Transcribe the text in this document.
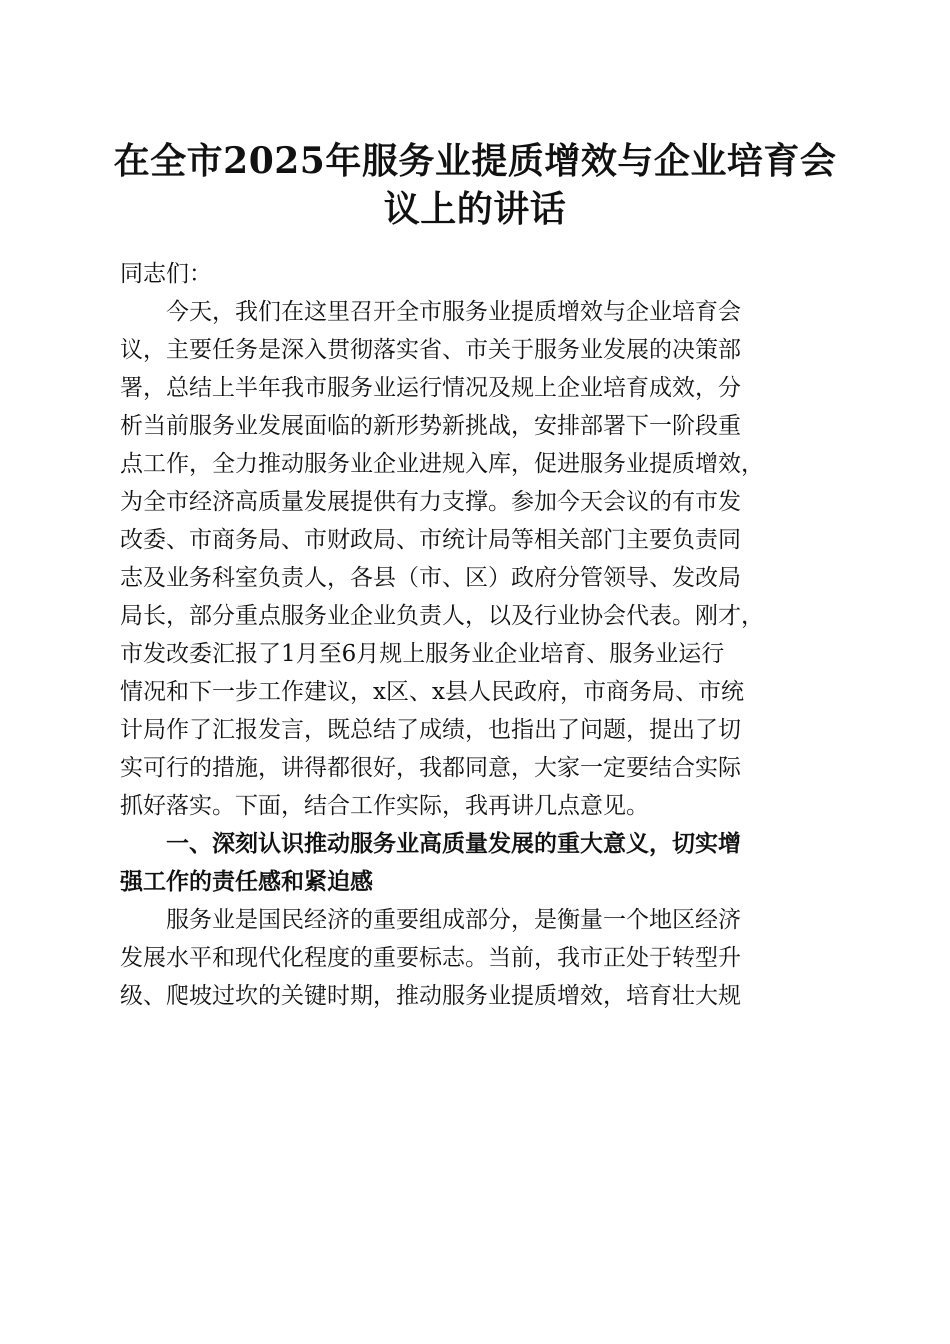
在全市2025年服务业提质增效与企业培育会
议上的讲话
同志们：
　　今天，我们在这里召开全市服务业提质增效与企业培育会
议，主要任务是深入贯彻落实省、市关于服务业发展的决策部
署，总结上半年我市服务业运行情况及规上企业培育成效，分
析当前服务业发展面临的新形势新挑战，安排部署下一阶段重
点工作，全力推动服务业企业进规入库，促进服务业提质增效，
为全市经济高质量发展提供有力支撑。参加今天会议的有市发
改委、市商务局、市财政局、市统计局等相关部门主要负责同
志及业务科室负责人，各县（市、区）政府分管领导、发改局
局长，部分重点服务业企业负责人，以及行业协会代表。刚才，
市发改委汇报了1月至6月规上服务业企业培育、服务业运行
情况和下一步工作建议，x区、x县人民政府，市商务局、市统
计局作了汇报发言，既总结了成绩，也指出了问题，提出了切
实可行的措施，讲得都很好，我都同意，大家一定要结合实际
抓好落实。下面，结合工作实际，我再讲几点意见。
　　一、深刻认识推动服务业高质量发展的重大意义，切实增
强工作的责任感和紧迫感
　　服务业是国民经济的重要组成部分，是衡量一个地区经济
发展水平和现代化程度的重要标志。当前，我市正处于转型升
级、爬坡过坎的关键时期，推动服务业提质增效，培育壮大规
